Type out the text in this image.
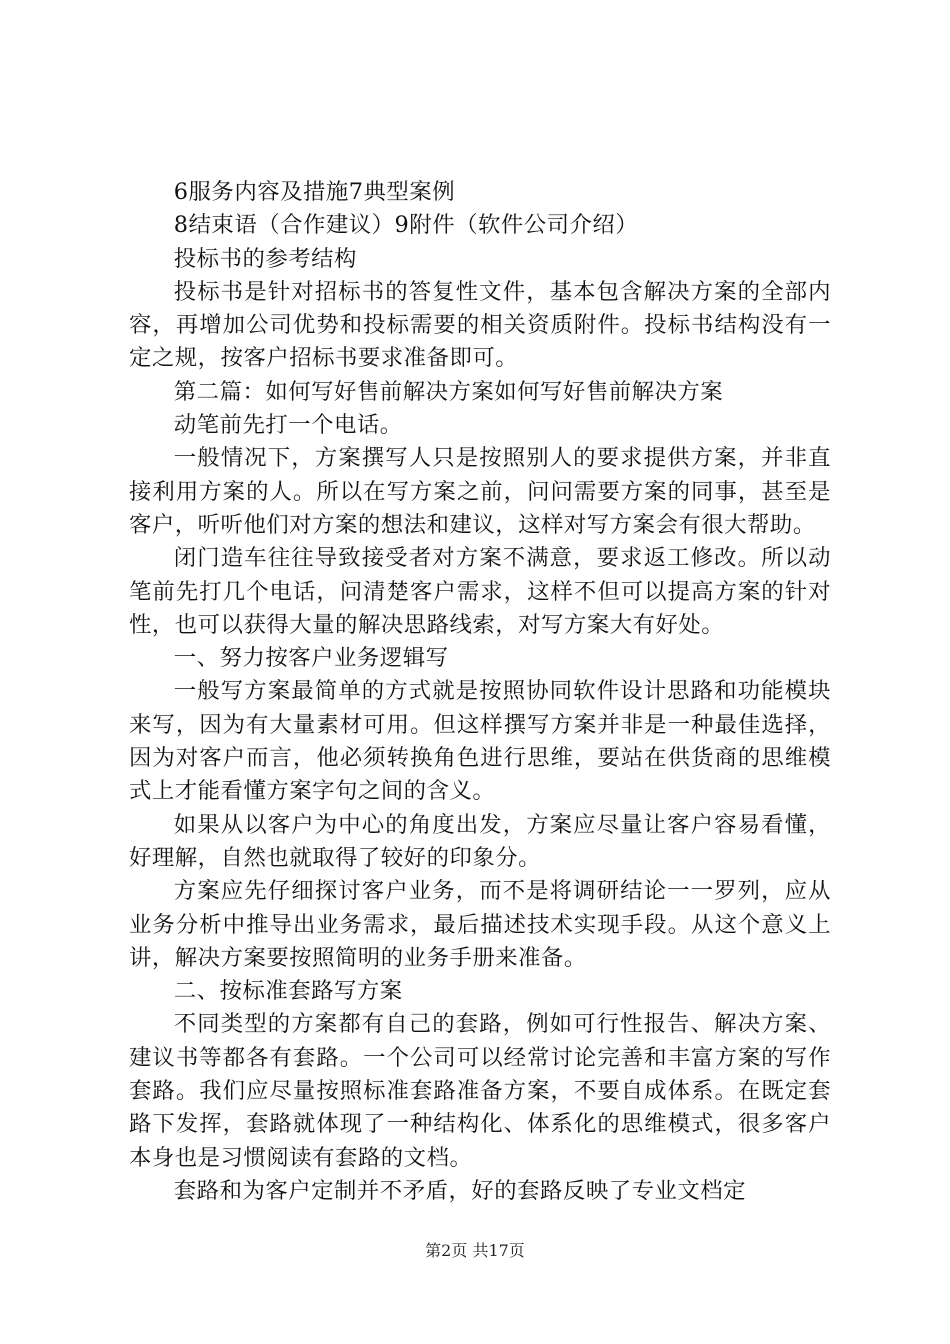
6服务内容及措施7典型案例

8结束语（合作建议）9附件（软件公司介绍）

投标书的参考结构

投标书是针对招标书的答复性文件，基本包含解决方案的全部内容，再增加公司优势和投标需要的相关资质附件。投标书结构没有一定之规，按客户招标书要求准备即可。

第二篇：如何写好售前解决方案如何写好售前解决方案

动笔前先打一个电话。

一般情况下，方案撰写人只是按照别人的要求提供方案，并非直接利用方案的人。所以在写方案之前，问问需要方案的同事，甚至是客户，听听他们对方案的想法和建议，这样对写方案会有很大帮助。

闭门造车往往导致接受者对方案不满意，要求返工修改。所以动笔前先打几个电话，问清楚客户需求，这样不但可以提高方案的针对性，也可以获得大量的解决思路线索，对写方案大有好处。

一、努力按客户业务逻辑写

一般写方案最简单的方式就是按照协同软件设计思路和功能模块来写，因为有大量素材可用。但这样撰写方案并非是一种最佳选择，因为对客户而言，他必须转换角色进行思维，要站在供货商的思维模式上才能看懂方案字句之间的含义。

如果从以客户为中心的角度出发，方案应尽量让客户容易看懂，好理解，自然也就取得了较好的印象分。

方案应先仔细探讨客户业务，而不是将调研结论一一罗列，应从业务分析中推导出业务需求，最后描述技术实现手段。从这个意义上讲，解决方案要按照简明的业务手册来准备。

二、按标准套路写方案

不同类型的方案都有自己的套路，例如可行性报告、解决方案、建议书等都各有套路。一个公司可以经常讨论完善和丰富方案的写作套路。我们应尽量按照标准套路准备方案，不要自成体系。在既定套路下发挥，套路就体现了一种结构化、体系化的思维模式，很多客户本身也是习惯阅读有套路的文档。

套路和为客户定制并不矛盾，好的套路反映了专业文档定

第2页 共17页
